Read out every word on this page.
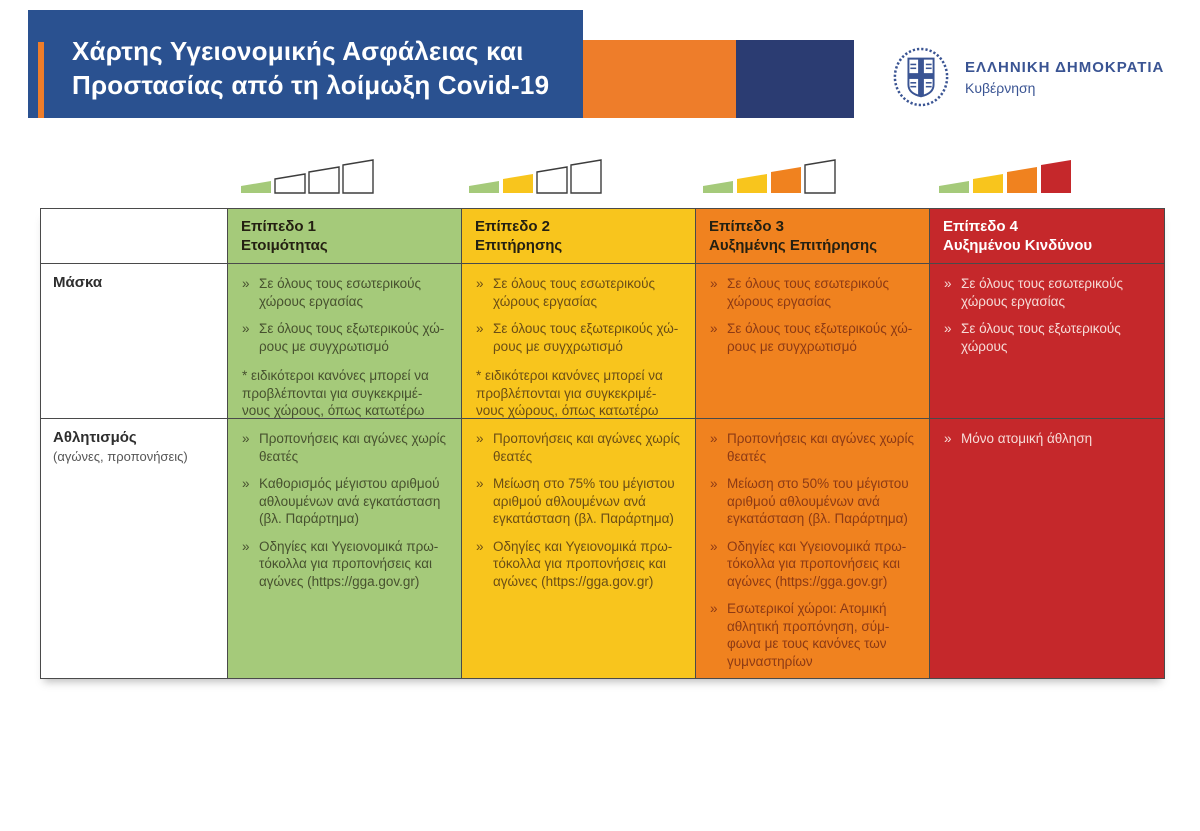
Χάρτης Υγειονομικής Ασφάλειας και
Προστασίας από τη λοίμωξη Covid-19
ΕΛΛΗΝΙΚΗ ΔΗΜΟΚΡΑΤΙΑ
Κυβέρνηση
Επίπεδο 1
Ετοιμότητας
Επίπεδο 2
Επιτήρησης
Επίπεδο 3
Αυξημένης Επιτήρησης
Επίπεδο 4
Αυξημένου Κινδύνου
Μάσκα	» Σε όλους τους εσωτερικούς χώρους εργασίας
» Σε όλους τους εξωτερικούς χώ-ρους με συγχρωτισμό
* ειδικότεροι κανόνες μπορεί να προβλέπονται για συγκεκριμέ-νους χώρους, όπως κατωτέρω
» Σε όλους τους εσωτερικούς χώρους εργασίας
» Σε όλους τους εξωτερικούς χώ-ρους με συγχρωτισμό
* ειδικότεροι κανόνες μπορεί να προβλέπονται για συγκεκριμέ-νους χώρους, όπως κατωτέρω
» Σε όλους τους εσωτερικούς χώρους εργασίας
» Σε όλους τους εξωτερικούς χώ-ρους με συγχρωτισμό
» Σε όλους τους εσωτερικούς χώρους εργασίας
» Σε όλους τους εξωτερικούς χώρους
Αθλητισμός
(αγώνες, προπονήσεις)
» Προπονήσεις και αγώνες χωρίς θεατές
» Καθορισμός μέγιστου αριθμού αθλουμένων ανά εγκατάσταση (βλ. Παράρτημα)
» Οδηγίες και Υγειονομικά πρω-τόκολλα για προπονήσεις και αγώνες (https://gga.gov.gr)
» Προπονήσεις και αγώνες χωρίς θεατές
» Μείωση στο 75% του μέγιστου αριθμού αθλουμένων ανά εγκατάσταση (βλ. Παράρτημα)
» Οδηγίες και Υγειονομικά πρω-τόκολλα για προπονήσεις και αγώνες (https://gga.gov.gr)
» Προπονήσεις και αγώνες χωρίς θεατές
» Μείωση στο 50% του μέγιστου αριθμού αθλουμένων ανά εγκατάσταση (βλ. Παράρτημα)
» Οδηγίες και Υγειονομικά πρω-τόκολλα για προπονήσεις και αγώνες (https://gga.gov.gr)
» Εσωτερικοί χώροι: Ατομική αθλητική προπόνηση, σύμ-φωνα με τους κανόνες των γυμναστηρίων
» Μόνο ατομική άθληση
